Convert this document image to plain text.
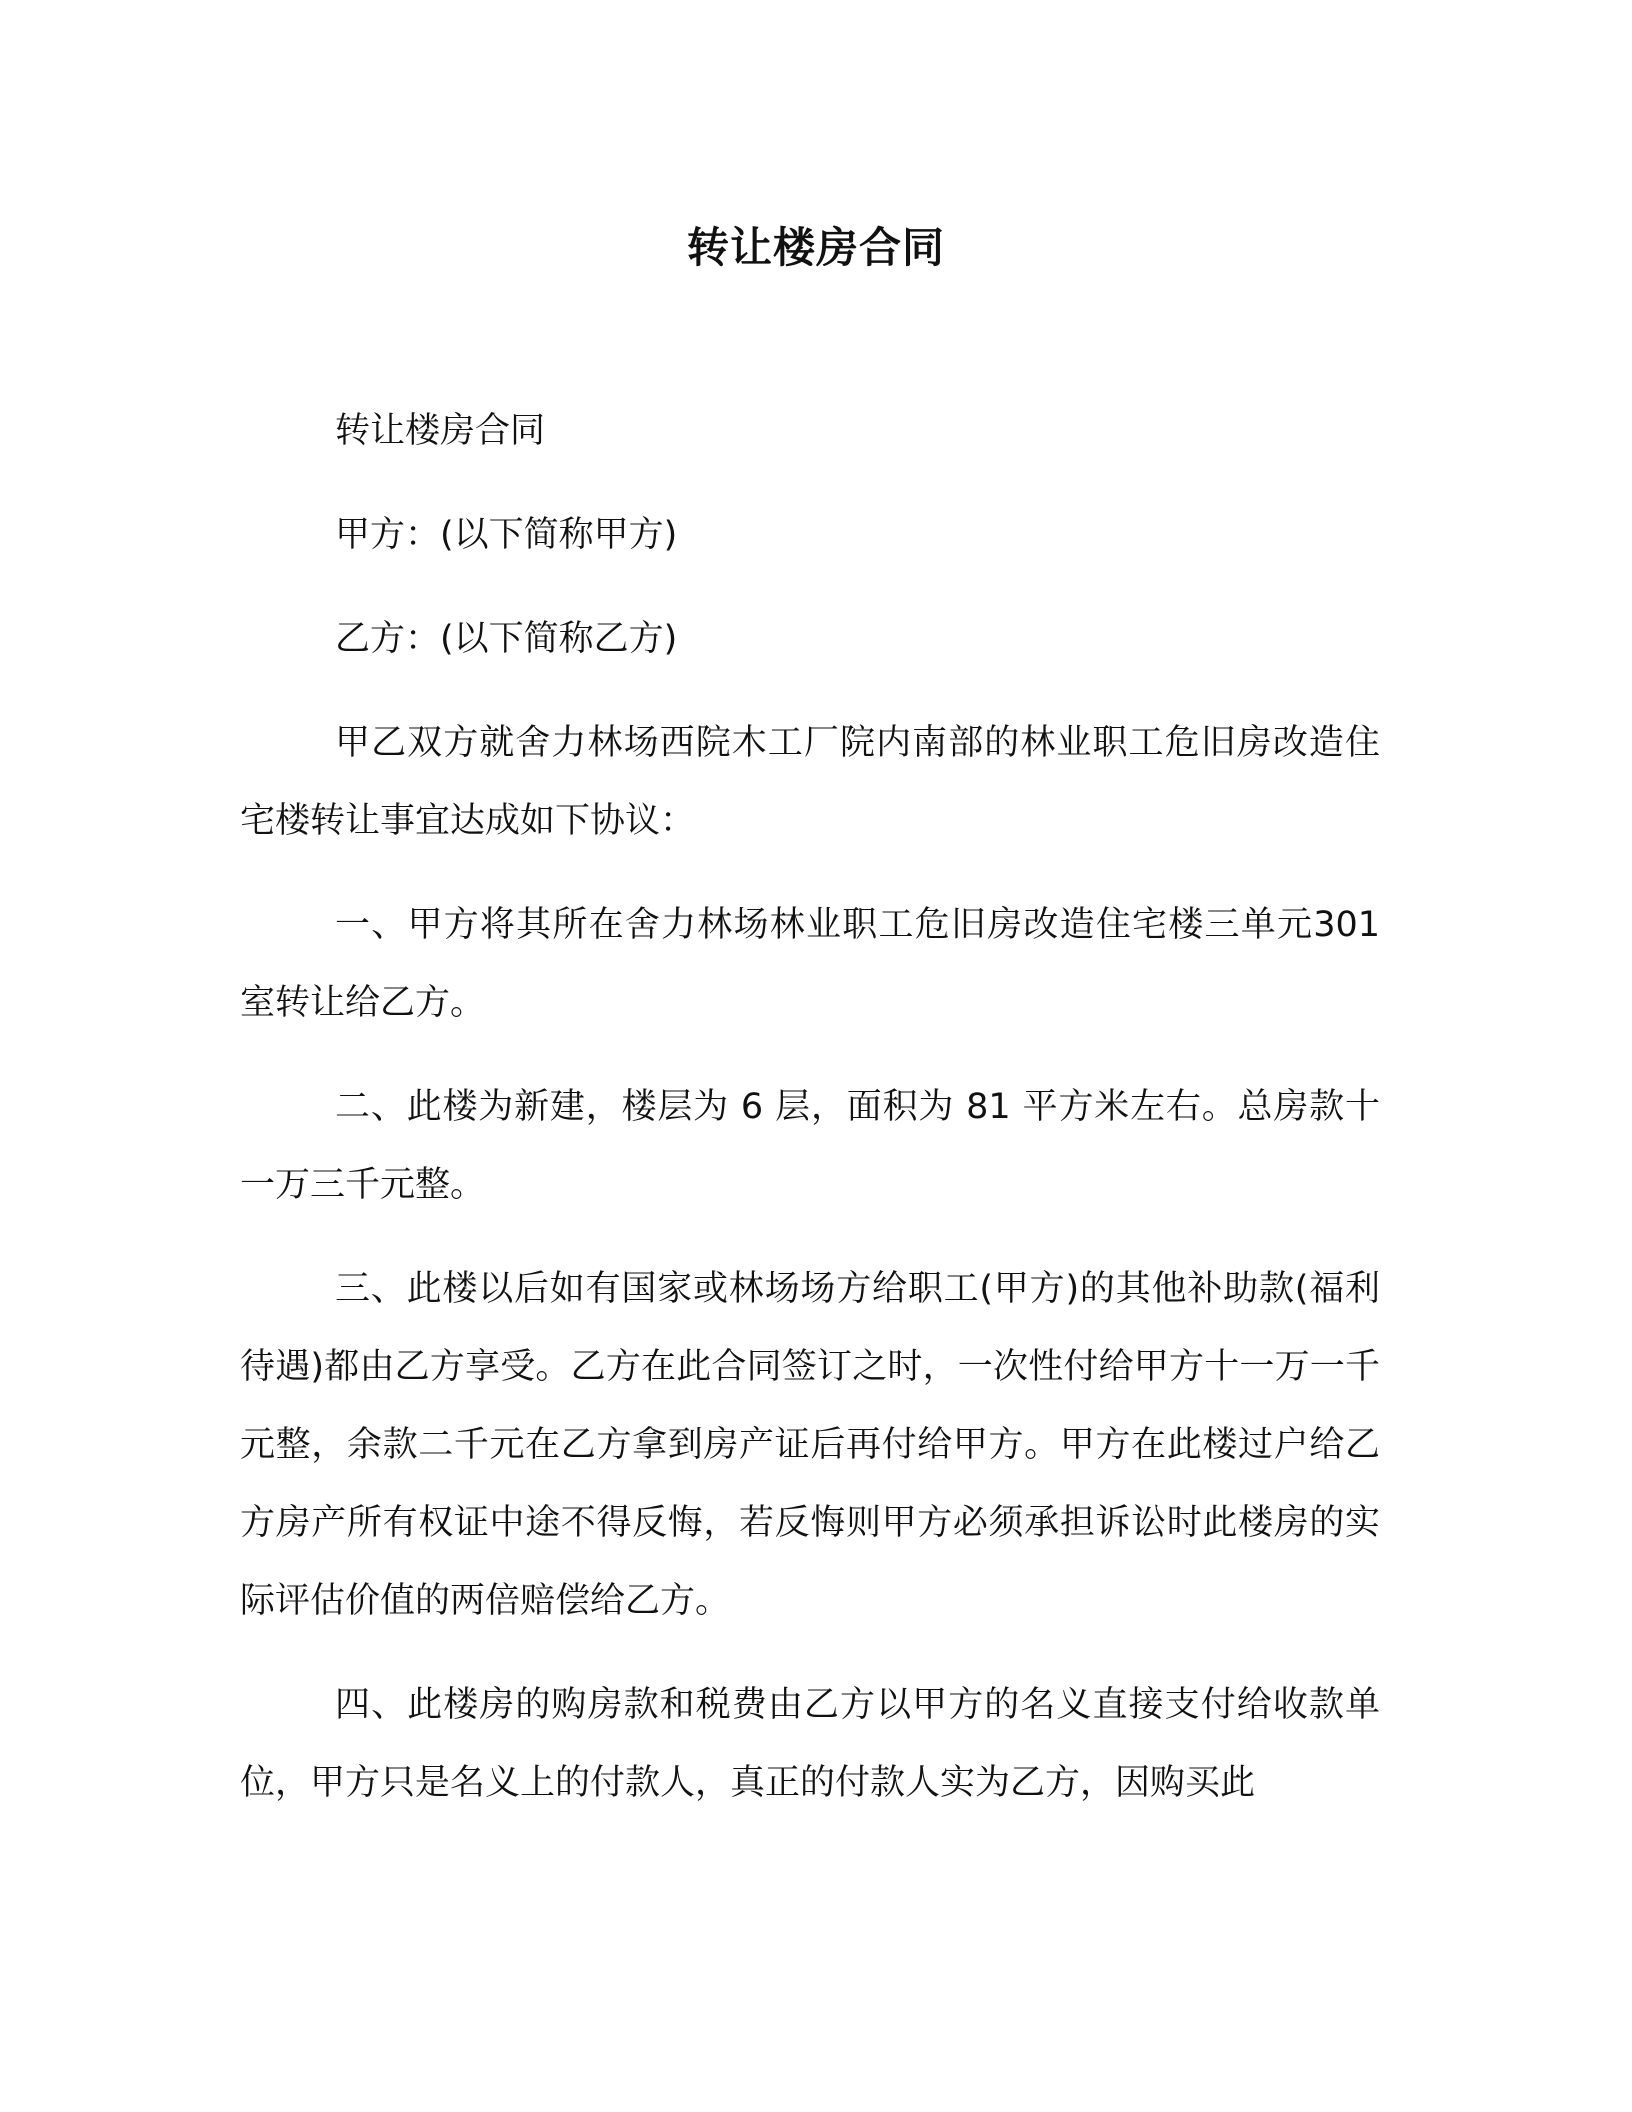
转让楼房合同

转让楼房合同

甲方：(以下简称甲方)

乙方：(以下简称乙方)

甲乙双方就舍力林场西院木工厂院内南部的林业职工危旧房改造住宅楼转让事宜达成如下协议：

一、甲方将其所在舍力林场林业职工危旧房改造住宅楼三单元301 室转让给乙方。

二、此楼为新建，楼层为 6 层，面积为 81 平方米左右。总房款十一万三千元整。

三、此楼以后如有国家或林场场方给职工(甲方)的其他补助款(福利待遇)都由乙方享受。乙方在此合同签订之时，一次性付给甲方十一万一千元整，余款二千元在乙方拿到房产证后再付给甲方。甲方在此楼过户给乙方房产所有权证中途不得反悔，若反悔则甲方必须承担诉讼时此楼房的实际评估价值的两倍赔偿给乙方。

四、此楼房的购房款和税费由乙方以甲方的名义直接支付给收款单位，甲方只是名义上的付款人，真正的付款人实为乙方，因购买此
